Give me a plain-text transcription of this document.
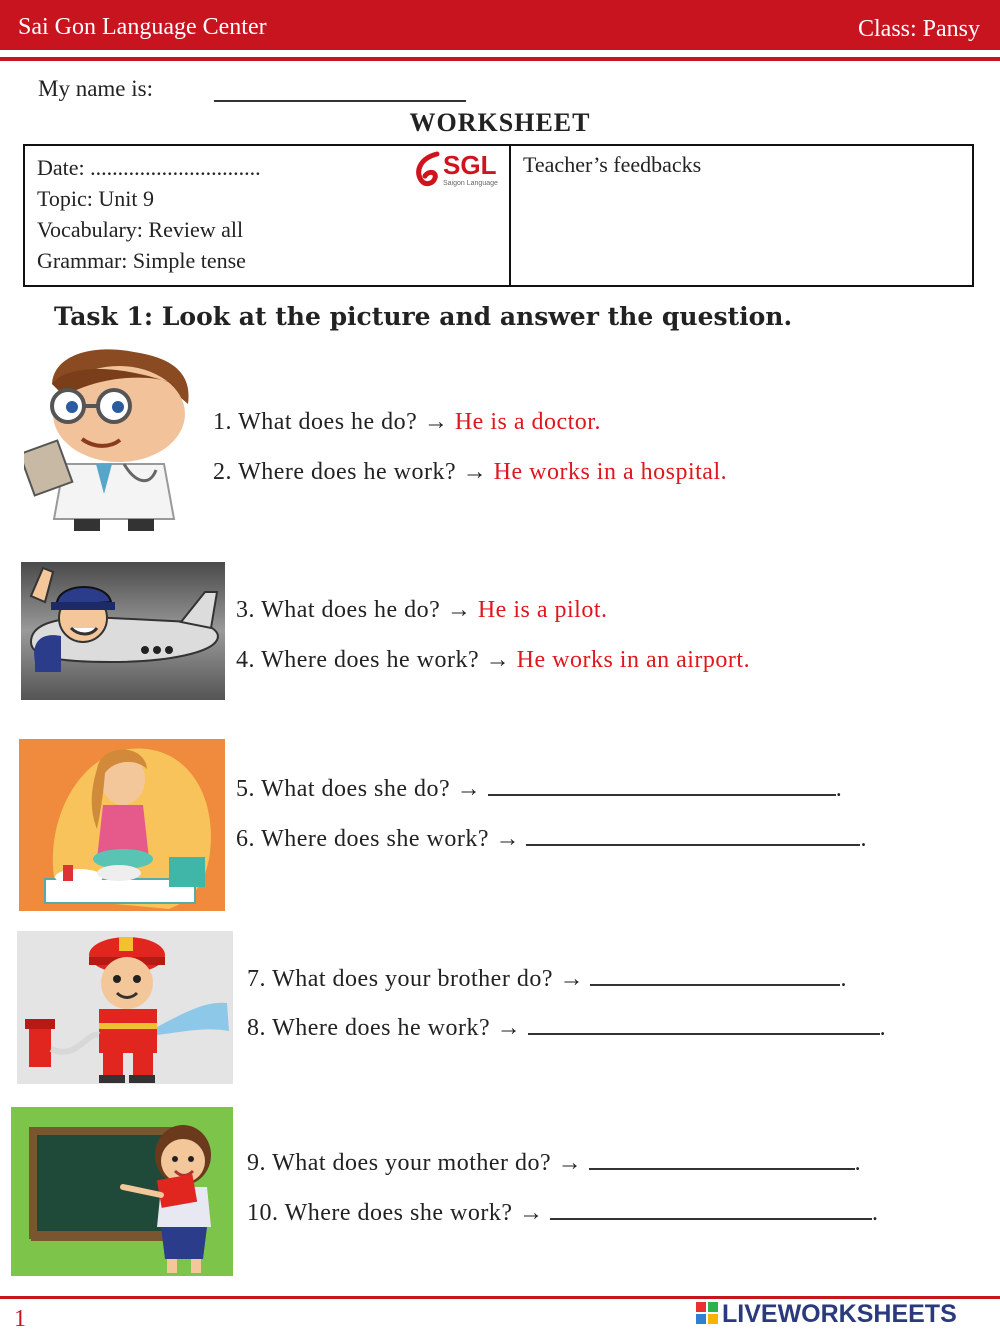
Sai Gon Language Center	Class: Pansy
My name is:
WORKSHEET
Date: ...............................
Topic: Unit 9
Vocabulary: Review all
Grammar: Simple tense
SGL
Saigon Language
Teacher’s feedbacks
Task 1: Look at the picture and answer the question.
1. What does he do? → He is a doctor.
2. Where does he work? → He works in a hospital.
3. What does he do? → He is a pilot.
4. Where does he work? → He works in an airport.
5. What does she do? →	.
6. Where does she work? →	.
7. What does your brother do? →	.
8. Where does he work? →	.
9. What does your mother do? →	.
10. Where does she work? →	.
1	LIVEWORKSHEETS
